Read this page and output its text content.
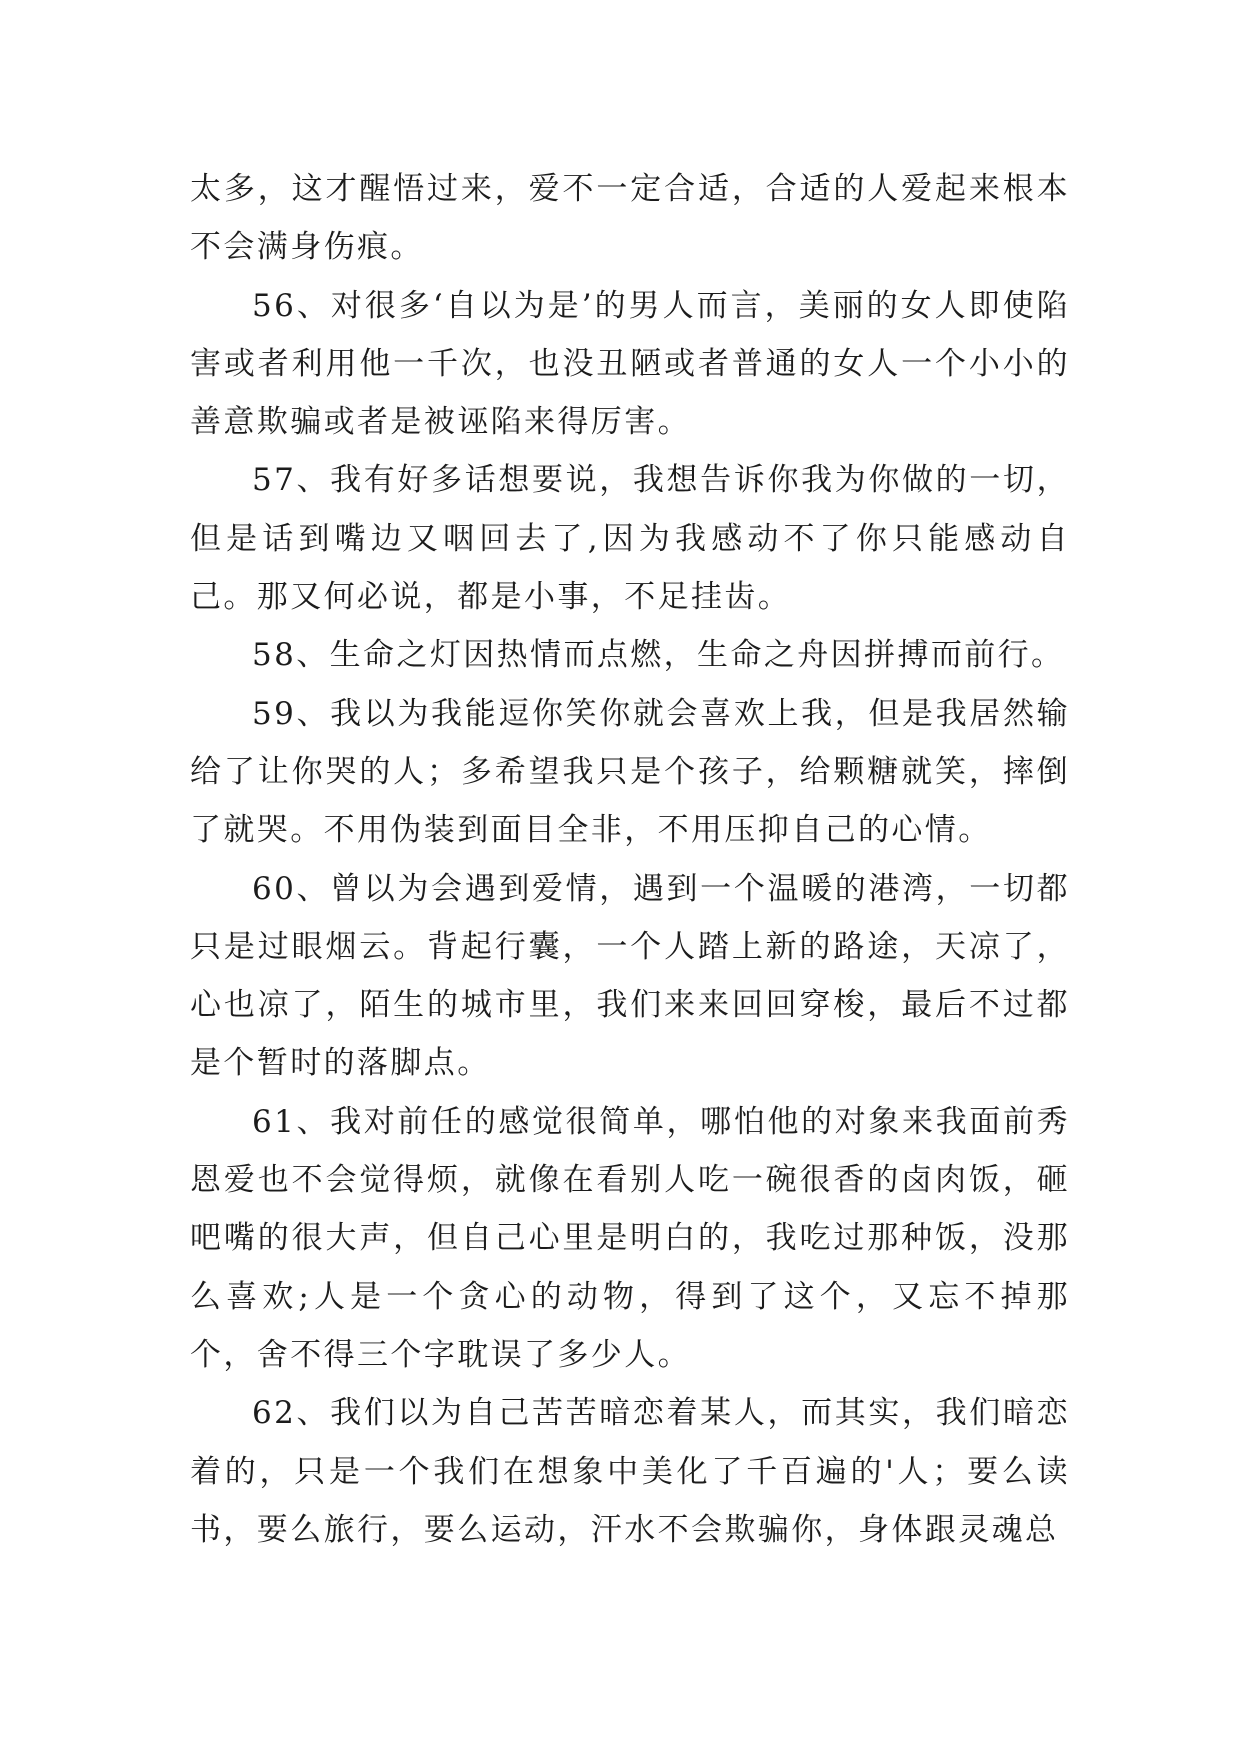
太多，这才醒悟过来，爱不一定合适，合适的人爱起来根本不会满身伤痕。

56、对很多‘自以为是’的男人而言，美丽的女人即使陷害或者利用他一千次，也没丑陋或者普通的女人一个小小的善意欺骗或者是被诬陷来得厉害。

57、我有好多话想要说，我想告诉你我为你做的一切，但是话到嘴边又咽回去了,因为我感动不了你只能感动自己。那又何必说，都是小事，不足挂齿。

58、生命之灯因热情而点燃，生命之舟因拼搏而前行。

59、我以为我能逗你笑你就会喜欢上我，但是我居然输给了让你哭的人；多希望我只是个孩子，给颗糖就笑，摔倒了就哭。不用伪装到面目全非，不用压抑自己的心情。

60、曾以为会遇到爱情，遇到一个温暖的港湾，一切都只是过眼烟云。背起行囊，一个人踏上新的路途，天凉了，心也凉了，陌生的城市里，我们来来回回穿梭，最后不过都是个暂时的落脚点。

61、我对前任的感觉很简单，哪怕他的对象来我面前秀恩爱也不会觉得烦，就像在看别人吃一碗很香的卤肉饭，砸吧嘴的很大声，但自己心里是明白的，我吃过那种饭，没那么喜欢;人是一个贪心的动物，得到了这个，又忘不掉那个，舍不得三个字耽误了多少人。

62、我们以为自己苦苦暗恋着某人，而其实，我们暗恋着的，只是一个我们在想象中美化了千百遍的'人；要么读书，要么旅行，要么运动，汗水不会欺骗你，身体跟灵魂总
